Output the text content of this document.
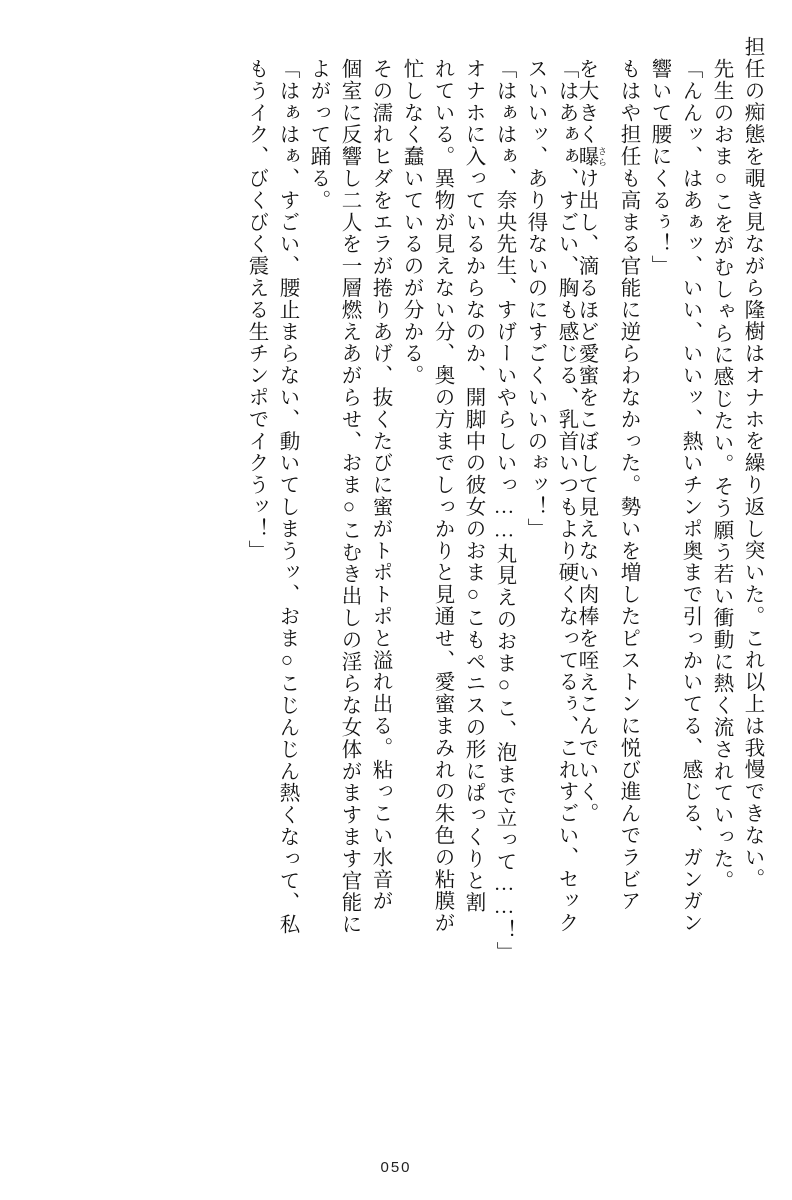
担任の痴態を覗き見ながら隆樹はオナホを繰り返し突いた。これ以上は我慢できない。
先生のおま○こをがむしゃらに感じたい。そう願う若い衝動に熱く流されていった。
「んんッ、はあぁッ、いい、いいッ、熱いチンポ奥まで引っかいてる、感じる、ガンガン
響いて腰にくるぅ！」
もはや担任も高まる官能に逆らわなかった。勢いを増したピストンに悦び進んでラビア
を大きく曝 さらけ出し、滴るほど愛蜜をこぼして見えない肉棒を咥えこんでいく。
「はあぁぁ、すごい、胸も感じる、乳首いつもより硬くなってるぅ、これすごい、セック
スいいッ、あり得ないのにすごくいいのぉッ！」
「はぁはぁ、奈央先生、すげーいやらしいっ……丸見えのおま○こ、泡まで立って……！」
オナホに入っているからなのか、開脚中の彼女のおま○こもペニスの形にぱっくりと割
れている。異物が見えない分、奥の方までしっかりと見通せ、愛蜜まみれの朱色の粘膜が
忙しなく蠢いているのが分かる。
その濡れヒダをエラが捲りあげ、抜くたびに蜜がトポトポと溢れ出る。粘っこい水音が
個室に反響し二人を一層燃えあがらせ、おま○こむき出しの淫らな女体がますます官能に
よがって踊る。
「はぁはぁ、すごい、腰止まらない、動いてしまうッ、おま○こじんじん熱くなって、私
もうイク、びくびく震える生チンポでイクうッ！」
050
